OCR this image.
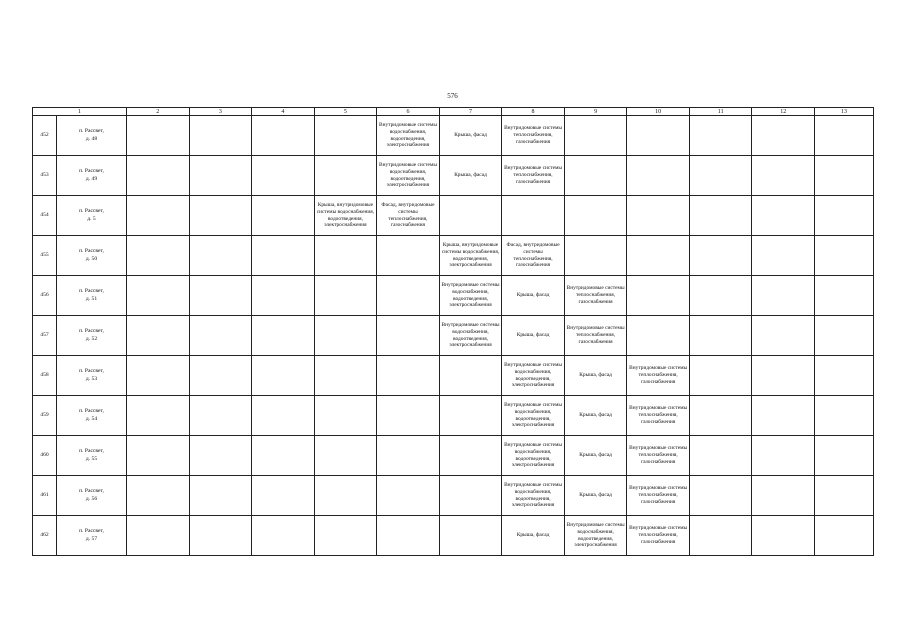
576
1		2	3	4	5	6	7	8	9	10	11	12	13
452	п. Рассвет,
д. 48					Внутридомовые системы водоснабжения, водоотведения, электроснабжения	Крыша, фасад	Внутридомовые системы теплоснабжения, газоснабжения					
453	п. Рассвет,
д. 49					Внутридомовые системы водоснабжения, водоотведения, электроснабжения	Крыша, фасад	Внутридомовые системы теплоснабжения, газоснабжения					
454	п. Рассвет,
д. 5				Крыша, внутридомовые системы водоснабжения, водоотведения, электроснабжения	Фасад, внутридомовые системы теплоснабжения, газоснабжения							
455	п. Рассвет,
д. 50						Крыша, внутридомовые системы водоснабжения, водоотведения, электроснабжения	Фасад, внутридомовые системы теплоснабжения, газоснабжения					
456	п. Рассвет,
д. 51						Внутридомовые системы водоснабжения, водоотведения, электроснабжения	Крыша, фасад	Внутридомовые системы теплоснабжения, газоснабжения				
457	п. Рассвет,
д. 52						Внутридомовые системы водоснабжения, водоотведения, электроснабжения	Крыша, фасад	Внутридомовые системы теплоснабжения, газоснабжения				
458	п. Рассвет,
д. 53							Внутридомовые системы водоснабжения, водоотведения, электроснабжения	Крыша, фасад	Внутридомовые системы теплоснабжения, газоснабжения			
459	п. Рассвет,
д. 54							Внутридомовые системы водоснабжения, водоотведения, электроснабжения	Крыша, фасад	Внутридомовые системы теплоснабжения, газоснабжения			
460	п. Рассвет,
д. 55							Внутридомовые системы водоснабжения, водоотведения, электроснабжения	Крыша, фасад	Внутридомовые системы теплоснабжения, газоснабжения			
461	п. Рассвет,
д. 56							Внутридомовые системы водоснабжения, водоотведения, электроснабжения	Крыша, фасад	Внутридомовые системы теплоснабжения, газоснабжения			
462	п. Рассвет,
д. 57							Крыша, фасад	Внутридомовые системы водоснабжения, водоотведения, электроснабжения	Внутридомовые системы теплоснабжения, газоснабжения			
